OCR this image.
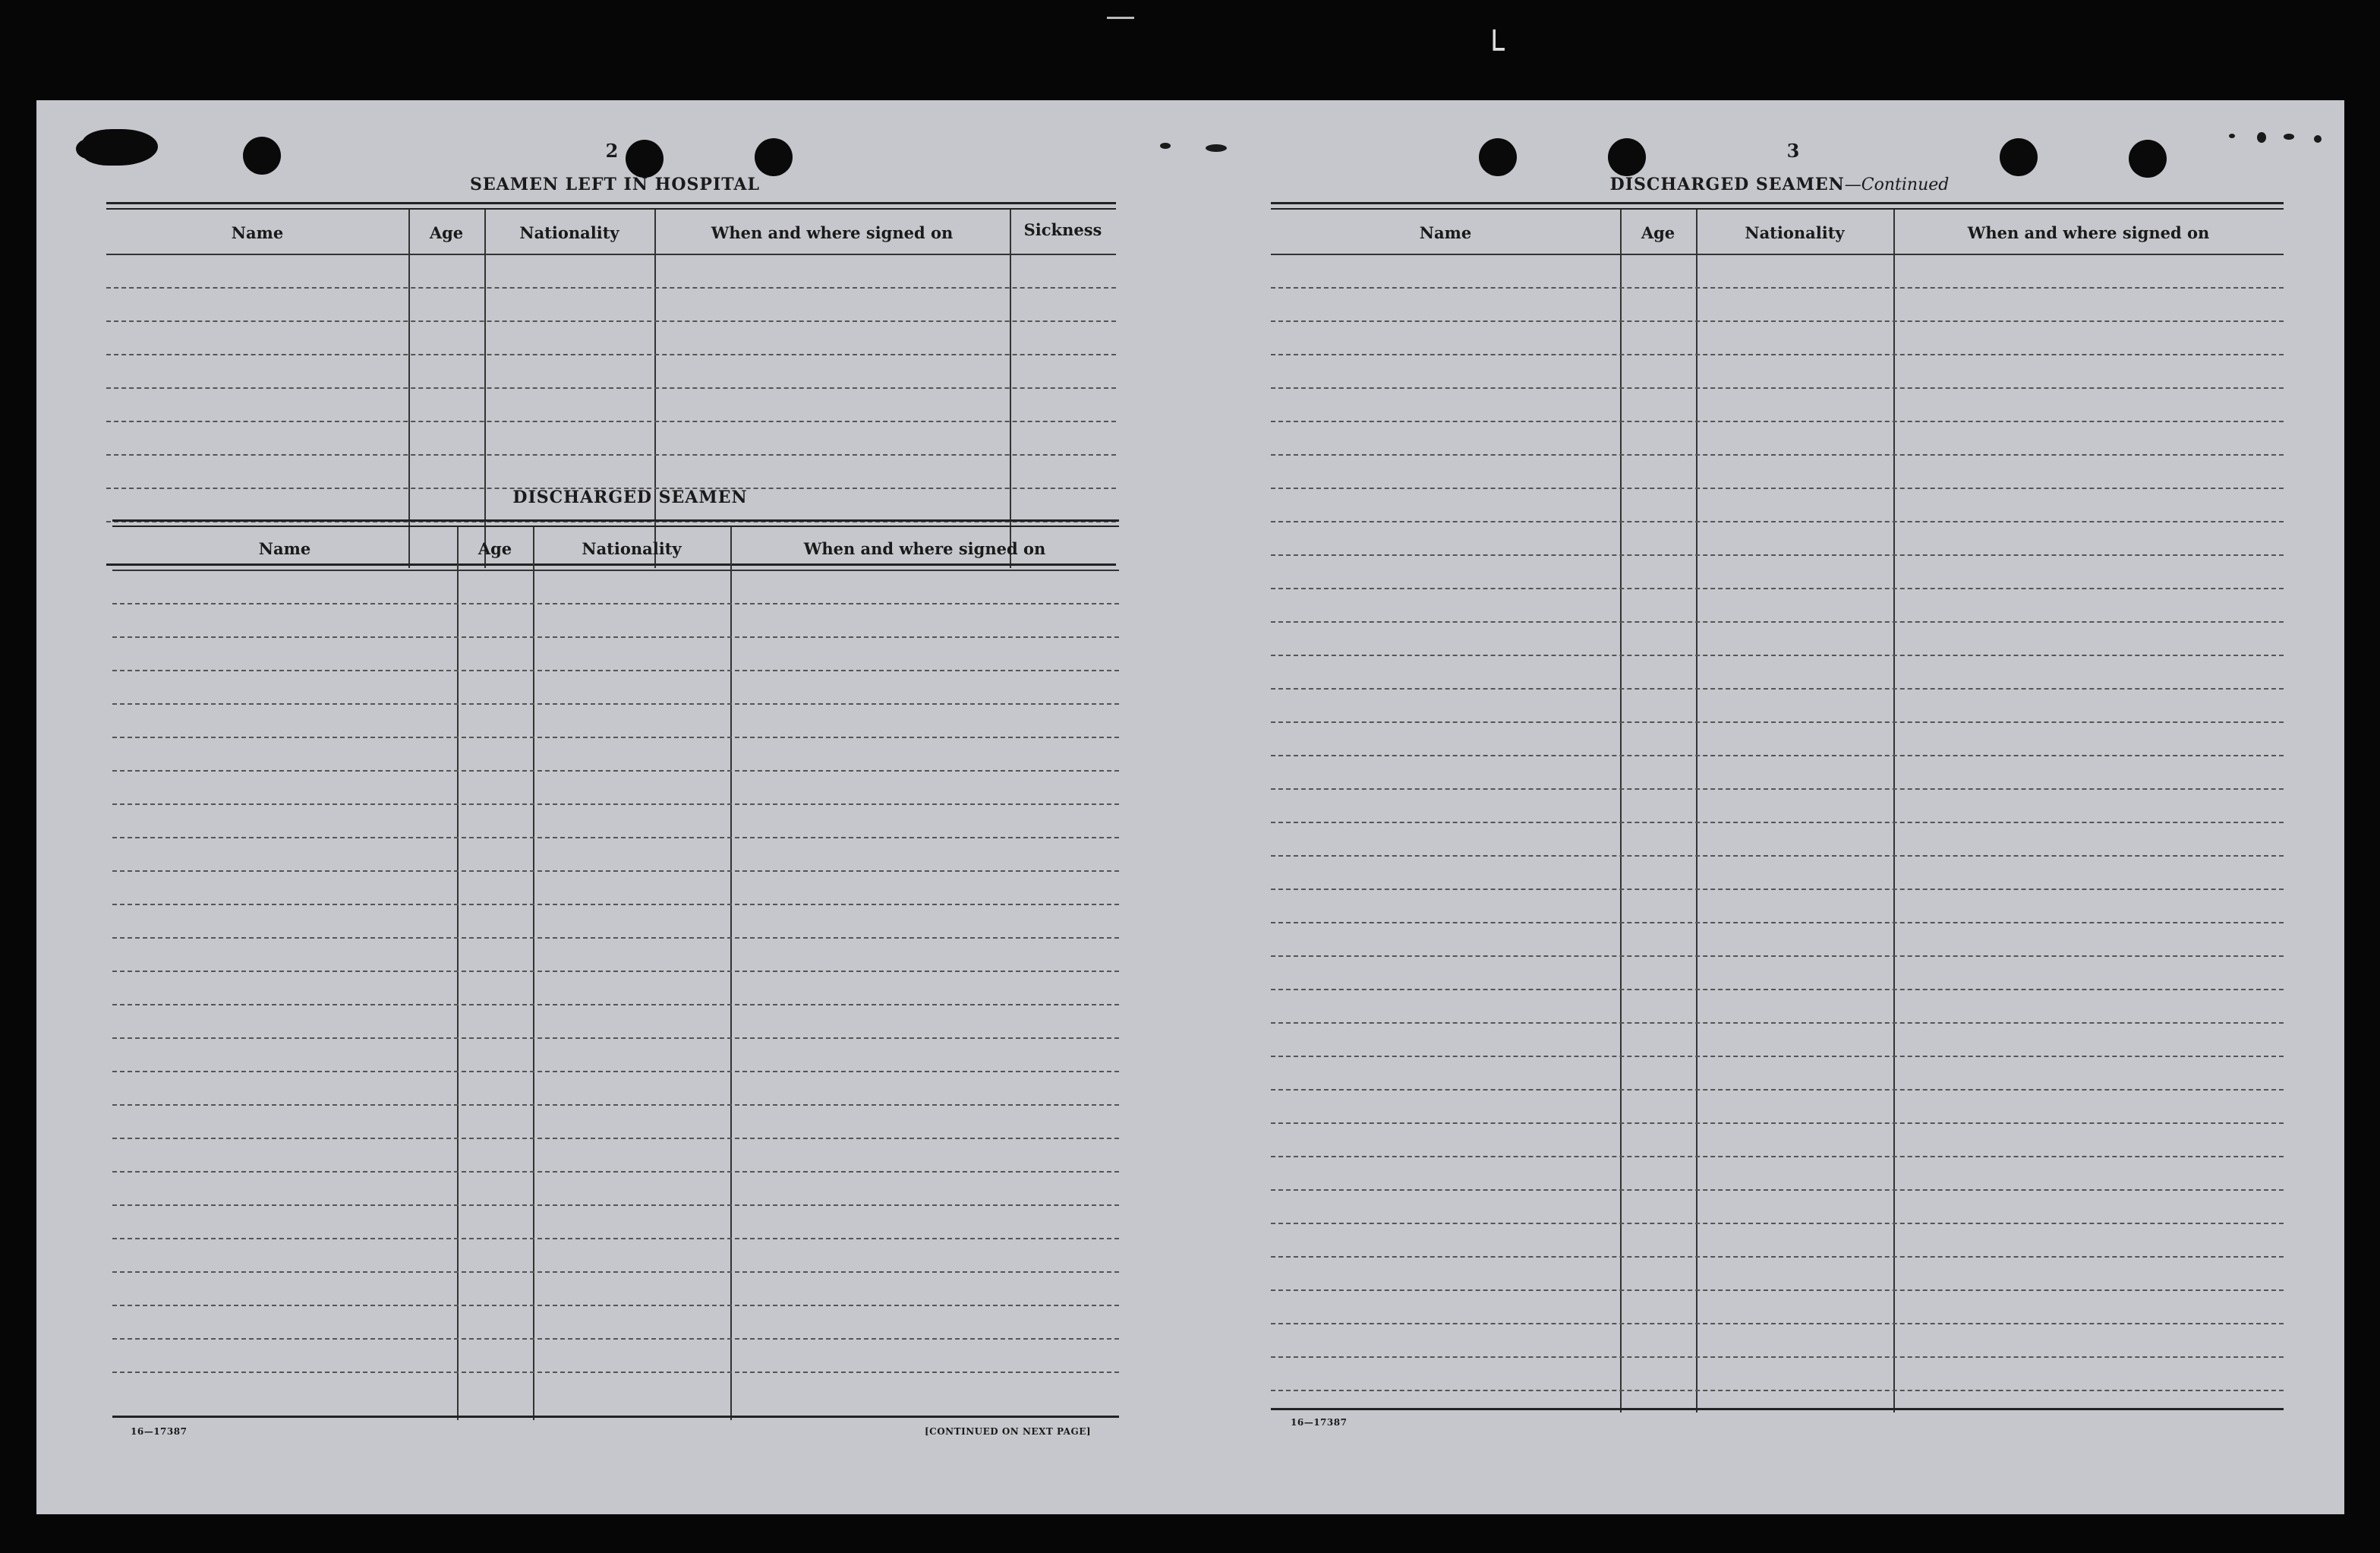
└
2
SEAMEN LEFT IN HOSPITAL
Name	Age	Nationality	When and where signed on	Sickness
DISCHARGED SEAMEN
Name	Age	Nationality	When and where signed on
16—17387	[CONTINUED ON NEXT PAGE]
3
DISCHARGED SEAMEN—Continued
Name	Age	Nationality	When and where signed on
16—17387
